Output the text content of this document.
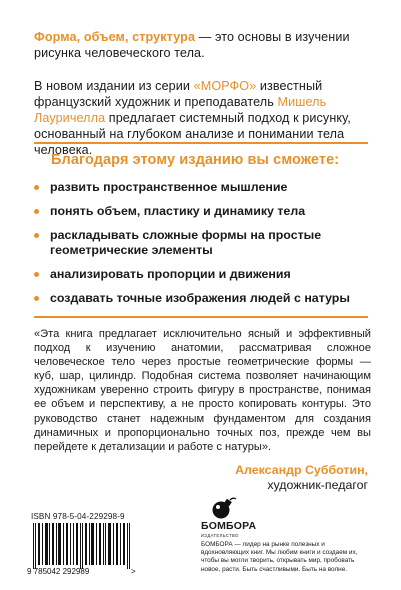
Форма, объем, структура — это основы в изучении рисунка человеческого тела.

В новом издании из серии «МОРФО» известный французский художник и преподаватель Мишель Лауричелла предлагает системный подход к рисунку, основанный на глубоком анализе и понимании тела человека.

Благодаря этому изданию вы сможете:
развить пространственное мышление
понять объем, пластику и динамику тела
раскладывать сложные формы на простые геометрические элементы
анализировать пропорции и движения
создавать точные изображения людей с натуры

«Эта книга предлагает исключительно ясный и эффективный подход к изучению анатомии, рассматривая сложное человеческое тело через простые геометрические формы — куб, шар, цилиндр. Подобная система позволяет начинающим художникам уверенно строить фигуру в пространстве, понимая ее объем и перспективу, а не просто копировать контуры. Это руководство станет надежным фундаментом для создания динамичных и пропорционально точных поз, прежде чем вы перейдете к детализации и работе с натуры».

Александр Субботин,
художник-педагог
ISBN 978-5-04-229298-9
9 785042 292989	>
БОМБОРА
ИЗДАТЕЛЬСТВО
БОМБОРА — лидер на рынке полезных и вдохновляющих книг. Мы любим книги и создаем их, чтобы вы могли творить, открывать мир, пробовать новое, расти. Быть счастливыми. Быть на волне.
